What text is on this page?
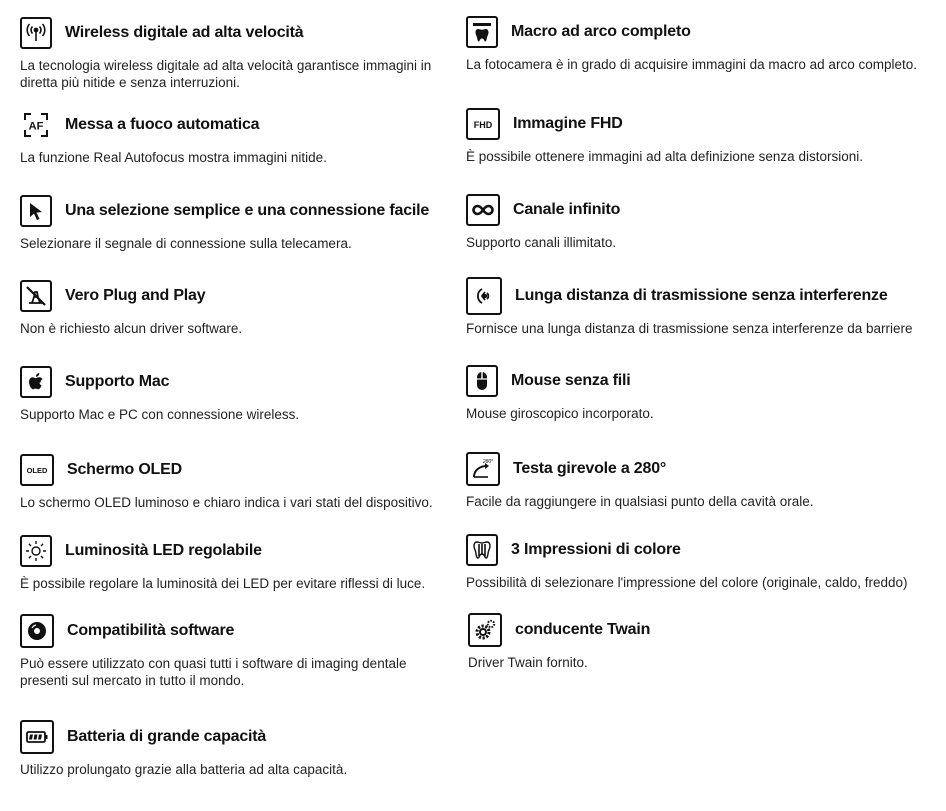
Wireless digitale ad alta velocità
La tecnologia wireless digitale ad alta velocità garantisce immagini in diretta più nitide e senza interruzioni.
AF Messa a fuoco automatica
La funzione Real Autofocus mostra immagini nitide.
Una selezione semplice e una connessione facile
Selezionare il segnale di connessione sulla telecamera.
Vero Plug and Play
Non è richiesto alcun driver software.
Supporto Mac
Supporto Mac e PC con connessione wireless.
OLED Schermo OLED
Lo schermo OLED luminoso e chiaro indica i vari stati del dispositivo.
Luminosità LED regolabile
È possibile regolare la luminosità dei LED per evitare riflessi di luce.
Compatibilità software
Può essere utilizzato con quasi tutti i software di imaging dentale presenti sul mercato in tutto il mondo.
Batteria di grande capacità
Utilizzo prolungato grazie alla batteria ad alta capacità.
Macro ad arco completo
La fotocamera è in grado di acquisire immagini da macro ad arco completo.
FHD Immagine FHD
È possibile ottenere immagini ad alta definizione senza distorsioni.
Canale infinito
Supporto canali illimitato.
Lunga distanza di trasmissione senza interferenze
Fornisce una lunga distanza di trasmissione senza interferenze da barriere
Mouse senza fili
Mouse giroscopico incorporato.
280° Testa girevole a 280°
Facile da raggiungere in qualsiasi punto della cavità orale.
3 Impressioni di colore
Possibilità di selezionare l'impressione del colore (originale, caldo, freddo)
conducente Twain
Driver Twain fornito.
